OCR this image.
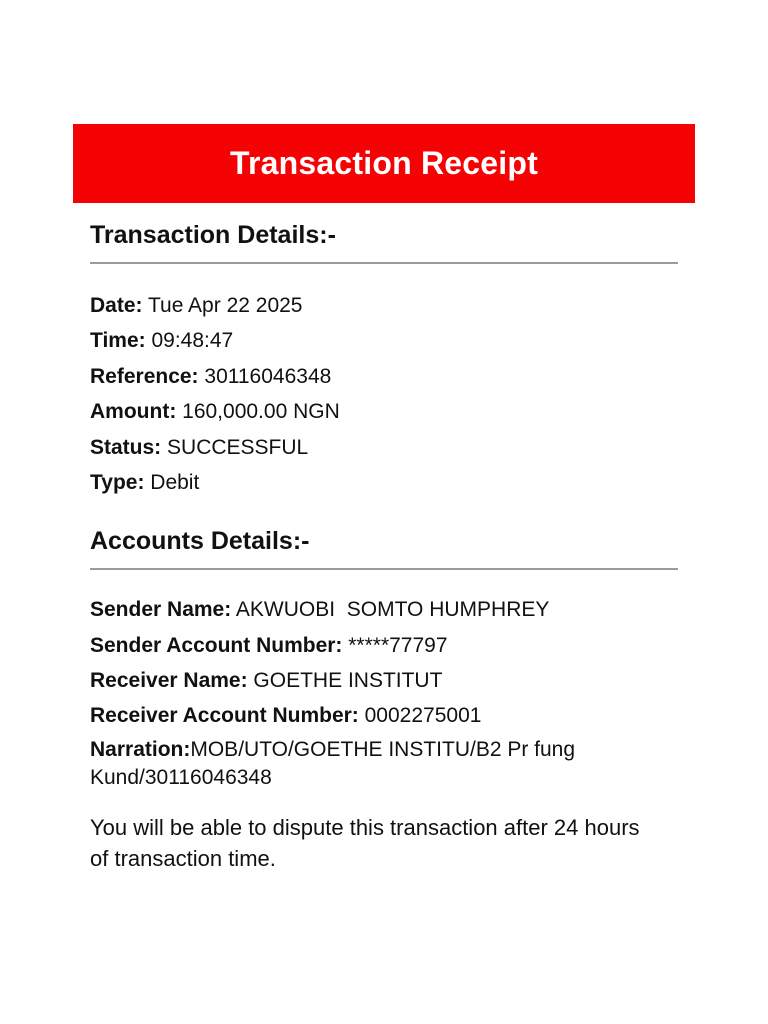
Transaction Receipt
Transaction Details:-
Date: Tue Apr 22 2025
Time: 09:48:47
Reference: 30116046348
Amount: 160,000.00 NGN
Status: SUCCESSFUL
Type: Debit
Accounts Details:-
Sender Name: AKWUOBI  SOMTO HUMPHREY
Sender Account Number: *****77797
Receiver Name: GOETHE INSTITUT
Receiver Account Number: 0002275001
Narration:MOB/UTO/GOETHE INSTITU/B2 Pr fung Kund/30116046348

You will be able to dispute this transaction after 24 hours of transaction time.
